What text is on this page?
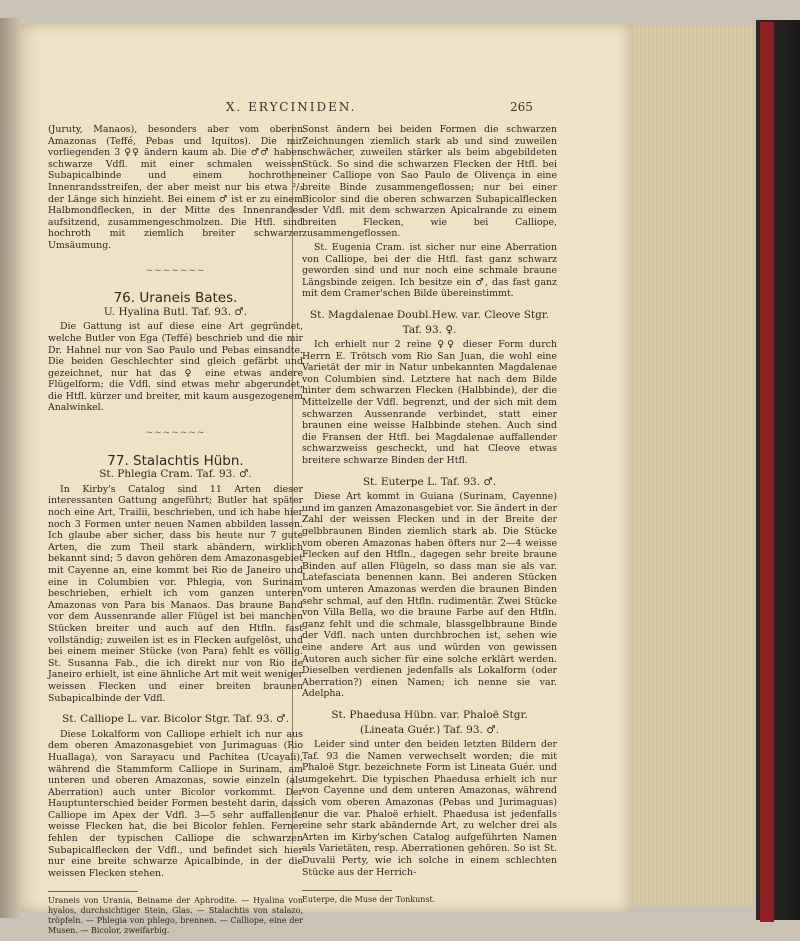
X. ERYCINIDEN.	265

(Juruty, Manaos), besonders aber vom oberen Amazonas (Teffé, Pebas und Iquitos). Die mir vorliegenden 3 ♀♀ ändern kaum ab. Die ♂♂ haben schwarze Vdfl. mit einer schmalen weissen Subapicalbinde und einem hochrothen Innenrandsstreifen, der aber meist nur bis etwa ²/₃ der Länge sich hinzieht. Bei einem ♂ ist er zu einem Halbmondflecken, in der Mitte des Innenrandes aufsitzend, zusammengeschmolzen. Die Htfl. sind hochroth mit ziemlich breiter schwarzer Umsäumung.

~~~~~~~
76. Uraneis Bates.
U. Hyalina Butl. Taf. 93. ♂.

Die Gattung ist auf diese eine Art gegründet, welche Butler von Ega (Teffé) beschrieb und die mir Dr. Hahnel nur von Sao Paulo und Pebas einsandte. Die beiden Geschlechter sind gleich gefärbt und gezeichnet, nur hat das ♀ eine etwas andere Flügelform; die Vdfl. sind etwas mehr abgerundet, die Htfl. kürzer und breiter, mit kaum ausgezogenem Analwinkel.

~~~~~~~
77. Stalachtis Hübn.
St. Phlegia Cram. Taf. 93. ♂.

In Kirby's Catalog sind 11 Arten dieser interessanten Gattung angeführt; Butler hat später noch eine Art, Trailii, beschrieben, und ich habe hier noch 3 Formen unter neuen Namen abbilden lassen. Ich glaube aber sicher, dass bis heute nur 7 gute Arten, die zum Theil stark abändern, wirklich bekannt sind; 5 davon gehören dem Amazonasgebiet mit Cayenne an, eine kommt bei Rio de Janeiro und eine in Columbien vor. Phlegia, von Surinam beschrieben, erhielt ich vom ganzen unteren Amazonas von Para bis Manaos. Das braune Band vor dem Aussenrande aller Flügel ist bei manchen Stücken breiter und auch auf den Htfln. fast vollständig; zuweilen ist es in Flecken aufgelöst, und bei einem meiner Stücke (von Para) fehlt es völlig. St. Susanna Fab., die ich direkt nur von Rio de Janeiro erhielt, ist eine ähnliche Art mit weit weniger weissen Flecken und einer breiten braunen Subapicalbinde der Vdfl.

St. Calliope L. var. Bicolor Stgr. Taf. 93. ♂.

Diese Lokalform von Calliope erhielt ich nur aus dem oberen Amazonasgebiet von Jurimaguas (Rio Huallaga), von Sarayacu und Pachitea (Ucayali), während die Stammform Calliope in Surinam, am unteren und oberen Amazonas, sowie einzeln (als Aberration) auch unter Bicolor vorkommt. Der Hauptunterschied beider Formen besteht darin, dass Calliope im Apex der Vdfl. 3—5 sehr auffallende weisse Flecken hat, die bei Bicolor fehlen. Ferner fehlen der typischen Calliope die schwarzen Subapicalflecken der Vdfl., und befindet sich hier nur eine breite schwarze Apicalbinde, in der die weissen Flecken stehen.

Uraneis von Urania, Beiname der Aphrodite. — Hyalina von hyalos, durchsichtiger Stein, Glas. — Stalachtis von stalazo, tröpfeln. — Phlegia von phlego, brennen. — Calliope, eine der Musen. — Bicolor, zweifarbig.

Sonst ändern bei beiden Formen die schwarzen Zeichnungen ziemlich stark ab und sind zuweilen schwächer, zuweilen stärker als beim abgebildeten Stück. So sind die schwarzen Flecken der Htfl. bei einer Calliope von Sao Paulo de Olivença in eine breite Binde zusammengeflossen; nur bei einer Bicolor sind die oberen schwarzen Subapicalflecken der Vdfl. mit dem schwarzen Apicalrande zu einem breiten Flecken, wie bei Calliope, zusammengeflossen.

St. Eugenia Cram. ist sicher nur eine Aberration von Calliope, bei der die Htfl. fast ganz schwarz geworden sind und nur noch eine schmale braune Längsbinde zeigen. Ich besitze ein ♂, das fast ganz mit dem Cramer'schen Bilde übereinstimmt.

St. Magdalenae Doubl.Hew. var. Cleove Stgr.
Taf. 93. ♀.

Ich erhielt nur 2 reine ♀♀ dieser Form durch Herrn E. Trötsch vom Rio San Juan, die wohl eine Varietät der mir in Natur unbekannten Magdalenae von Columbien sind. Letztere hat nach dem Bilde hinter dem schwarzen Flecken (Halbbinde), der die Mittelzelle der Vdfl. begrenzt, und der sich mit dem schwarzen Aussenrande verbindet, statt einer braunen eine weisse Halbbinde stehen. Auch sind die Fransen der Htfl. bei Magdalenae auffallender schwarzweiss gescheckt, und hat Cleove etwas breitere schwarze Binden der Htfl.

St. Euterpe L. Taf. 93. ♂.

Diese Art kommt in Guiana (Surinam, Cayenne) und im ganzen Amazonasgebiet vor. Sie ändert in der Zahl der weissen Flecken und in der Breite der gelbbraunen Binden ziemlich stark ab. Die Stücke vom oberen Amazonas haben öfters nur 2—4 weisse Flecken auf den Htfln., dagegen sehr breite braune Binden auf allen Flügeln, so dass man sie als var. Latefasciata benennen kann. Bei anderen Stücken vom unteren Amazonas werden die braunen Binden sehr schmal, auf den Htfln. rudimentär. Zwei Stücke von Villa Bella, wo die braune Farbe auf den Htfln. ganz fehlt und die schmale, blassgelbbraune Binde der Vdfl. nach unten durchbrochen ist, sehen wie eine andere Art aus und würden von gewissen Autoren auch sicher für eine solche erklärt werden. Dieselben verdienen jedenfalls als Lokalform (oder Aberration?) einen Namen; ich nenne sie var. Adelpha.

St. Phaedusa Hübn. var. Phaloë Stgr.
(Lineata Guér.) Taf. 93. ♂.

Leider sind unter den beiden letzten Bildern der Taf. 93 die Namen verwechselt worden; die mit Phaloë Stgr. bezeichnete Form ist Lineata Guér. und umgekehrt. Die typischen Phaedusa erhielt ich nur von Cayenne und dem unteren Amazonas, während ich vom oberen Amazonas (Pebas und Jurimaguas) nur die var. Phaloë erhielt. Phaedusa ist jedenfalls eine sehr stark abändernde Art, zu welcher drei als Arten im Kirby'schen Catalog aufgeführten Namen als Varietäten, resp. Aberrationen gehören. So ist St. Duvalii Perty, wie ich solche in einem schlechten Stücke aus der Herrich-

Euterpe, die Muse der Tonkunst.
